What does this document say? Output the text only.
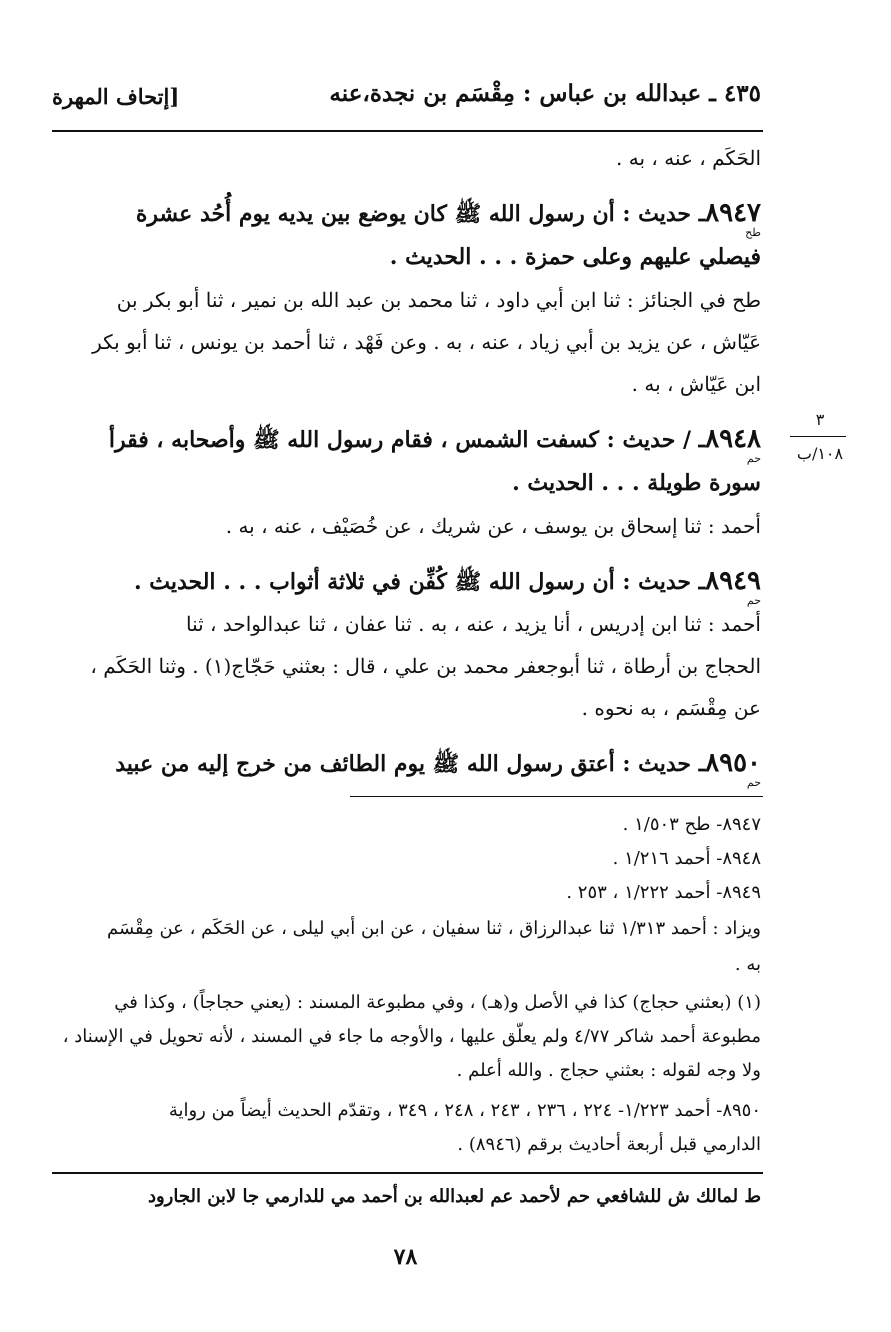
٤٣٥ ـ عبدالله بن عباس : مِقْسَم بن نجدة،عنه
[إتحاف المهرة
الحَكَم ، عنه ، به .
٨٩٤٧ـ حديث : أن رسول الله ﷺ كان يوضع بين يديه يوم أُحُد عشرة
طح
فيصلي عليهم وعلى حمزة . . . الحديث .
طح في الجنائز : ثنا ابن أبي داود ، ثنا محمد بن عبد الله بن نمير ، ثنا أبو بكر بن
عَيّاش ، عن يزيد بن أبي زياد ، عنه ، به . وعن فَهْد ، ثنا أحمد بن يونس ، ثنا أبو بكر
ابن عَيّاش ، به .
٣
١٠٨/ب
٨٩٤٨ـ / حديث : كسفت الشمس ، فقام رسول الله ﷺ وأصحابه ، فقرأ
حم
سورة طويلة . . . الحديث .
أحمد : ثنا إسحاق بن يوسف ، عن شريك ، عن خُصَيْف ، عنه ، به .
٨٩٤٩ـ حديث : أن رسول الله ﷺ كُفِّن في ثلاثة أثواب . . . الحديث .
حم
أحمد : ثنا ابن إدريس ، أنا يزيد ، عنه ، به . ثنا عفان ، ثنا عبدالواحد ، ثنا
الحجاج بن أرطاة ، ثنا أبوجعفر محمد بن علي ، قال : بعثني حَجّاج(١) . وثنا الحَكَم ،
عن مِقْسَم ، به نحوه .
٨٩٥٠ـ حديث : أعتق رسول الله ﷺ يوم الطائف من خرج إليه من عبيد
حم
٨٩٤٧- طح ١/٥٠٣ .
٨٩٤٨- أحمد ١/٢١٦ .
٨٩٤٩- أحمد ١/٢٢٢ ، ٢٥٣ .
ويزاد : أحمد ١/٣١٣ ثنا عبدالرزاق ، ثنا سفيان ، عن ابن أبي ليلى ، عن الحَكَم ، عن مِقْسَم
به .
(١) (بعثني حجاج) كذا في الأصل و(هـ) ، وفي مطبوعة المسند : (يعني حجاجاً) ، وكذا في
مطبوعة أحمد شاكر ٤/٧٧ ولم يعلّق عليها ، والأوجه ما جاء في المسند ، لأنه تحويل في الإسناد ،
ولا وجه لقوله : بعثني حجاج . والله أعلم .
٨٩٥٠- أحمد ١/٢٢٣- ٢٢٤ ، ٢٣٦ ، ٢٤٣ ، ٢٤٨ ، ٣٤٩ ، وتقدّم الحديث أيضاً من رواية
الدارمي قبل أربعة أحاديث برقم (٨٩٤٦) .
ط لمالك ش للشافعي حم لأحمد عم لعبدالله بن أحمد مي للدارمي جا لابن الجارود
٧٨
